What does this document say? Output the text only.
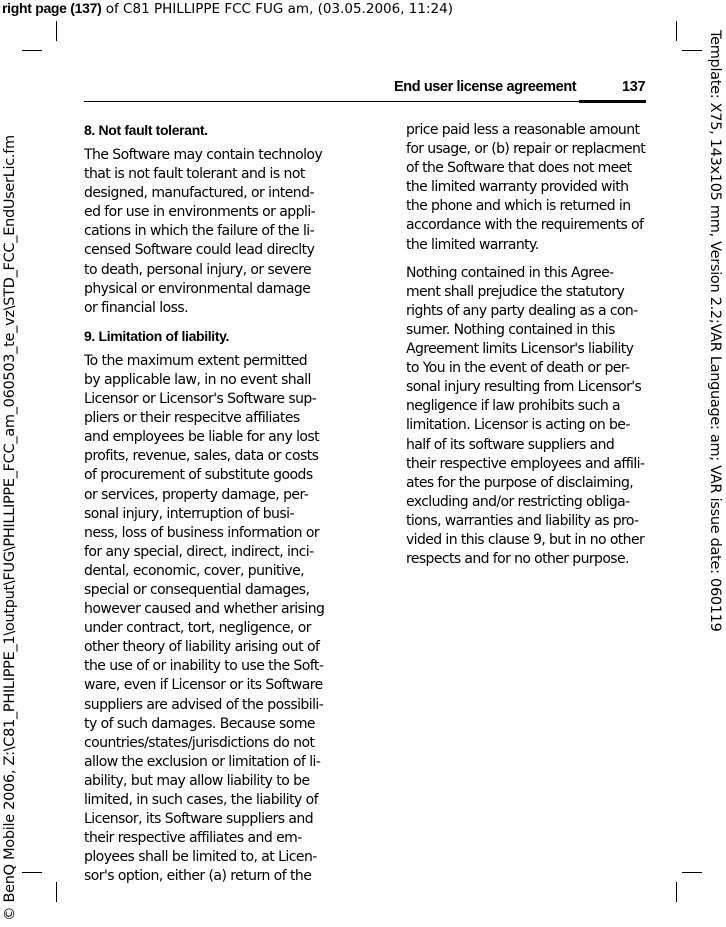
right page (137) of C81 PHILLIPPE FCC FUG am, (03.05.2006, 11:24)
© BenQ Mobile 2006, Z:\C81_PHILIPPE_1\output\FUG\PHILLIPPE_FCC_am_060503_te_vz\STD_FCC_EndUserLic.fm	Template: X75, 143x105 mm, Version 2.2;VAR Language: am; VAR issue date: 060119
End user license agreement	137
8. Not fault tolerant.

The Software may contain technoloy
that is not fault tolerant and is not
designed, manufactured, or intend-
ed for use in environments or appli-
cations in which the failure of the li-
censed Software could lead direclty
to death, personal injury, or severe
physical or environmental damage
or financial loss.

9. Limitation of liability.

To the maximum extent permitted
by applicable law, in no event shall
Licensor or Licensor's Software sup-
pliers or their respecitve affiliates
and employees be liable for any lost
profits, revenue, sales, data or costs
of procurement of substitute goods
or services, property damage, per-
sonal injury, interruption of busi-
ness, loss of business information or
for any special, direct, indirect, inci-
dental, economic, cover, punitive,
special or consequential damages,
however caused and whether arising
under contract, tort, negligence, or
other theory of liability arising out of
the use of or inability to use the Soft-
ware, even if Licensor or its Software
suppliers are advised of the possibili-
ty of such damages. Because some
countries/states/jurisdictions do not
allow the exclusion or limitation of li-
ability, but may allow liability to be
limited, in such cases, the liability of
Licensor, its Software suppliers and
their respective affiliates and em-
ployees shall be limited to, at Licen-
sor's option, either (a) return of the

price paid less a reasonable amount
for usage, or (b) repair or replacment
of the Software that does not meet
the limited warranty provided with
the phone and which is returned in
accordance with the requirements of
the limited warranty.

Nothing contained in this Agree-
ment shall prejudice the statutory
rights of any party dealing as a con-
sumer. Nothing contained in this
Agreement limits Licensor's liability
to You in the event of death or per-
sonal injury resulting from Licensor's
negligence if law prohibits such a
limitation. Licensor is acting on be-
half of its software suppliers and
their respective employees and affili-
ates for the purpose of disclaiming,
excluding and/or restricting obliga-
tions, warranties and liability as pro-
vided in this clause 9, but in no other
respects and for no other purpose.
